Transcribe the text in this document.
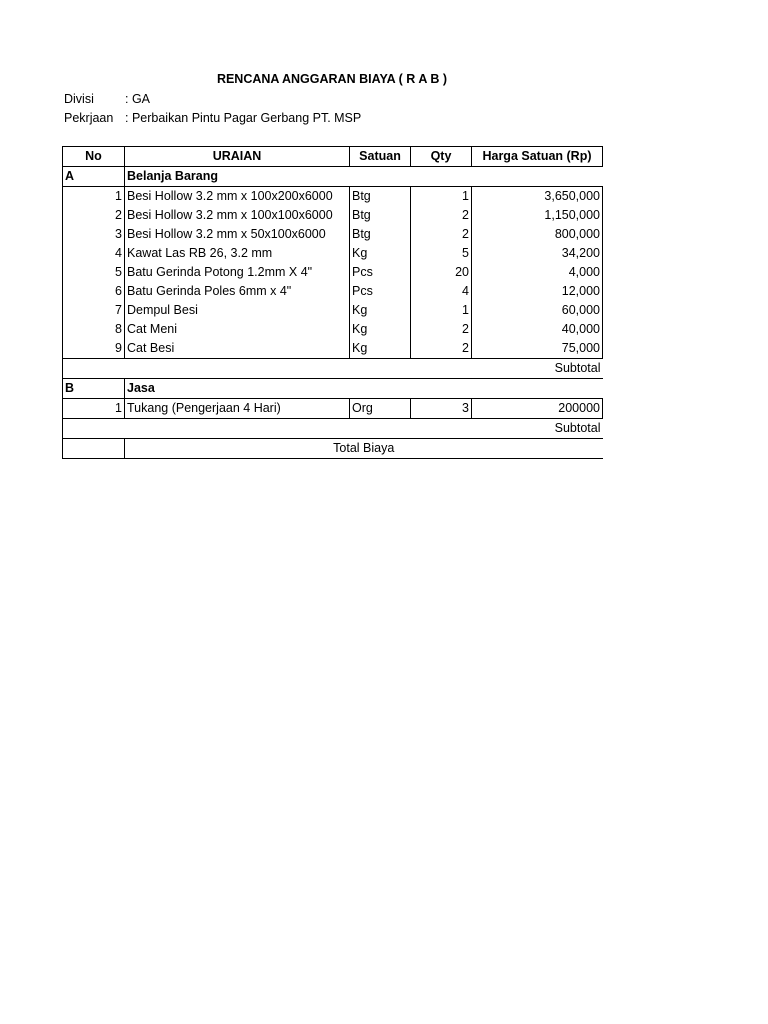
RENCANA ANGGARAN BIAYA ( R A B )
Divisi	: GA
Pekrjaan : Perbaikan Pintu Pagar Gerbang PT. MSP
No	URAIAN	Satuan	Qty	Harga Satuan (Rp)
A	Belanja Barang			
1	Besi Hollow 3.2 mm x 100x200x6000	Btg	1	3,650,000
2	Besi Hollow 3.2 mm x 100x100x6000	Btg	2	1,150,000
3	Besi Hollow 3.2 mm x 50x100x6000	Btg	2	800,000
4	Kawat Las RB 26, 3.2 mm	Kg	5	34,200
5	Batu Gerinda Potong 1.2mm X 4"	Pcs	20	4,000
6	Batu Gerinda Poles 6mm x 4"	Pcs	4	12,000
7	Dempul Besi	Kg	1	60,000
8	Cat Meni	Kg	2	40,000
9	Cat Besi	Kg	2	75,000
Subtotal				
B	Jasa			
1	Tukang (Pengerjaan 4 Hari)	Org	3	200000
Subtotal				
	Total Biaya			
